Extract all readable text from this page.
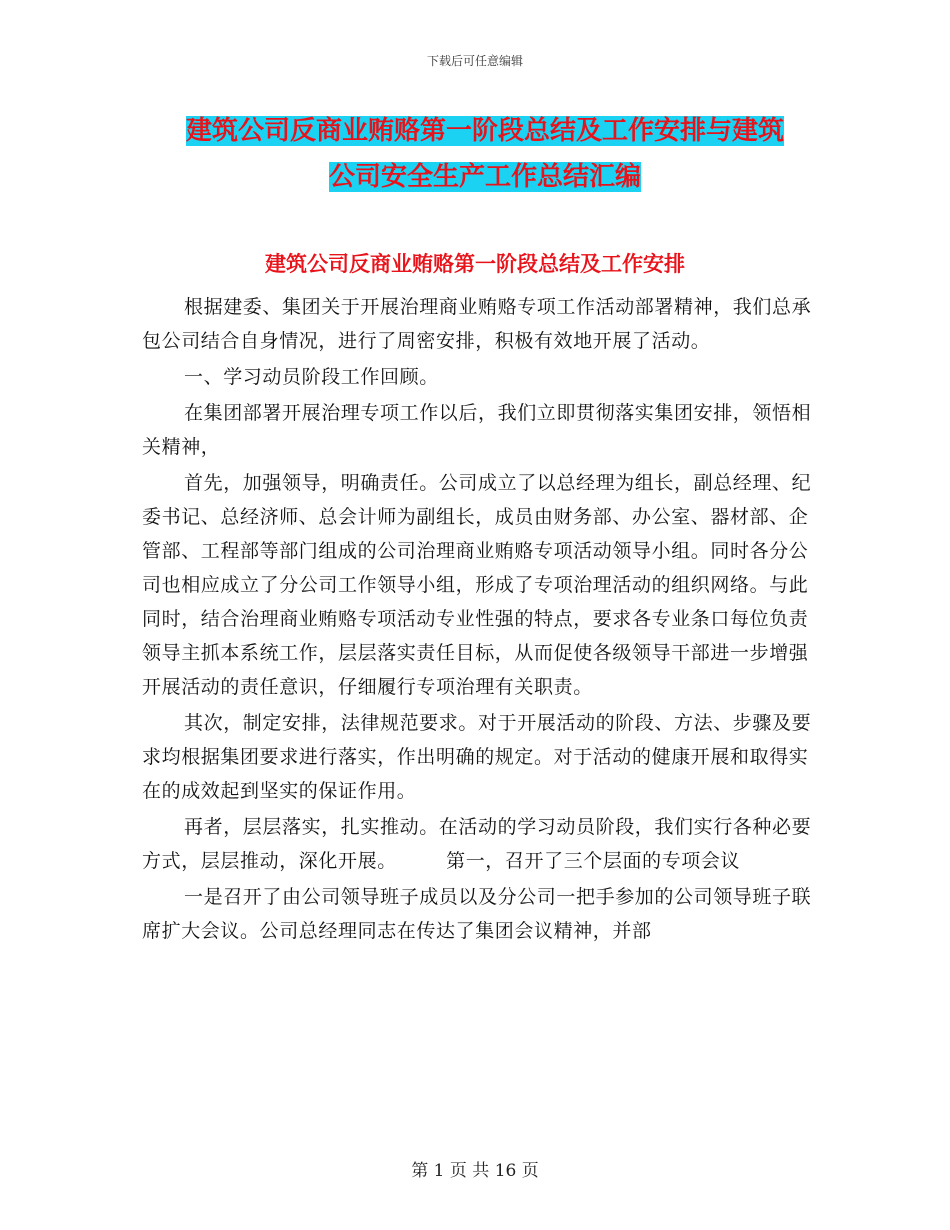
下载后可任意编辑
建筑公司反商业贿赂第一阶段总结及工作安排与建筑
公司安全生产工作总结汇编
建筑公司反商业贿赂第一阶段总结及工作安排

根据建委、集团关于开展治理商业贿赂专项工作活动部署精神，我们总承包公司结合自身情况，进行了周密安排，积极有效地开展了活动。

一、学习动员阶段工作回顾。

在集团部署开展治理专项工作以后，我们立即贯彻落实集团安排，领悟相关精神，

首先，加强领导，明确责任。公司成立了以总经理为组长，副总经理、纪委书记、总经济师、总会计师为副组长，成员由财务部、办公室、器材部、企管部、工程部等部门组成的公司治理商业贿赂专项活动领导小组。同时各分公司也相应成立了分公司工作领导小组，形成了专项治理活动的组织网络。与此同时，结合治理商业贿赂专项活动专业性强的特点，要求各专业条口每位负责领导主抓本系统工作，层层落实责任目标，从而促使各级领导干部进一步增强开展活动的责任意识，仔细履行专项治理有关职责。

其次，制定安排，法律规范要求。对于开展活动的阶段、方法、步骤及要求均根据集团要求进行落实，作出明确的规定。对于活动的健康开展和取得实在的成效起到坚实的保证作用。

再者，层层落实，扎实推动。在活动的学习动员阶段，我们实行各种必要方式，层层推动，深化开展。　　　第一，召开了三个层面的专项会议

一是召开了由公司领导班子成员以及分公司一把手参加的公司领导班子联席扩大会议。公司总经理同志在传达了集团会议精神，并部

第 1 页 共 16 页
